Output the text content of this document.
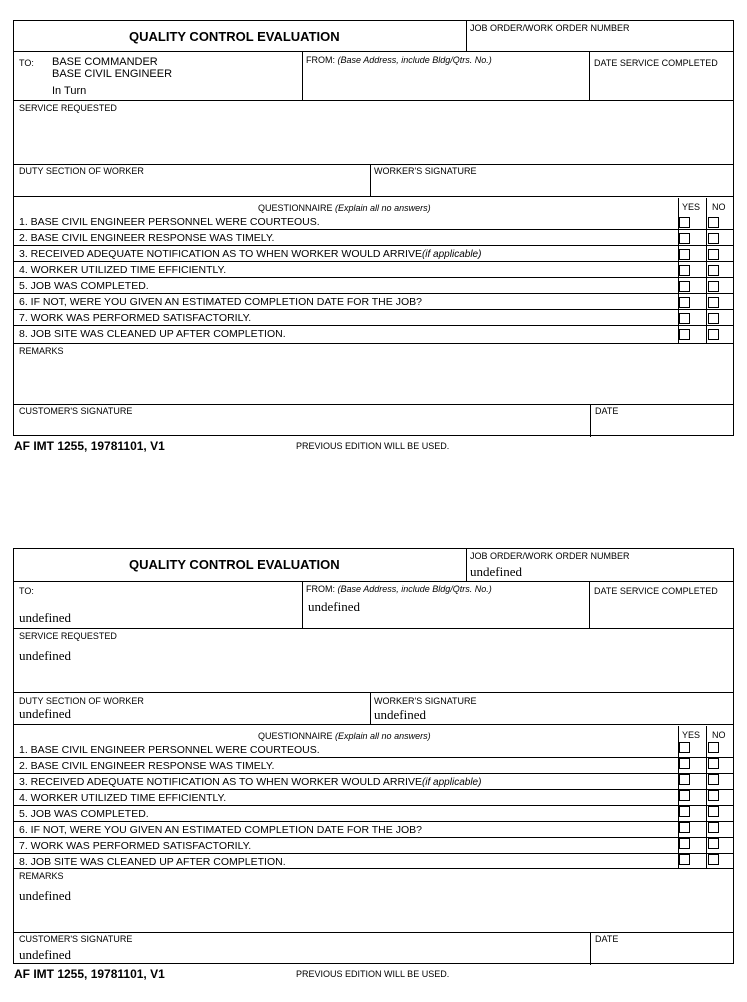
QUALITY CONTROL EVALUATION
JOB ORDER/WORK ORDER NUMBER
TO: BASE COMMANDER
BASE CIVIL ENGINEER
In Turn
FROM: (Base Address, include Bldg/Qtrs. No.)	DATE SERVICE COMPLETED
SERVICE REQUESTED
DUTY SECTION OF WORKER	WORKER'S SIGNATURE
QUESTIONNAIRE (Explain all no answers)	YES NO
1. BASE CIVIL ENGINEER PERSONNEL WERE COURTEOUS.
2. BASE CIVIL ENGINEER RESPONSE WAS TIMELY.
3. RECEIVED ADEQUATE NOTIFICATION AS TO WHEN WORKER WOULD ARRIVE(if applicable)
4. WORKER UTILIZED TIME EFFICIENTLY.
5. JOB WAS COMPLETED.
6. IF NOT, WERE YOU GIVEN AN ESTIMATED COMPLETION DATE FOR THE JOB?
7. WORK WAS PERFORMED SATISFACTORILY.
8. JOB SITE WAS CLEANED UP AFTER COMPLETION.
REMARKS
CUSTOMER'S SIGNATURE	DATE
AF IMT 1255, 19781101, V1	PREVIOUS EDITION WILL BE USED.
QUALITY CONTROL EVALUATION
JOB ORDER/WORK ORDER NUMBER
undefined
TO:
undefined
FROM: (Base Address, include Bldg/Qtrs. No.)
undefined
DATE SERVICE COMPLETED
SERVICE REQUESTED
undefined
DUTY SECTION OF WORKER
undefined
WORKER'S SIGNATURE
undefined
QUESTIONNAIRE (Explain all no answers)	YES NO
1. BASE CIVIL ENGINEER PERSONNEL WERE COURTEOUS.
2. BASE CIVIL ENGINEER RESPONSE WAS TIMELY.
3. RECEIVED ADEQUATE NOTIFICATION AS TO WHEN WORKER WOULD ARRIVE(if applicable)
4. WORKER UTILIZED TIME EFFICIENTLY.
5. JOB WAS COMPLETED.
6. IF NOT, WERE YOU GIVEN AN ESTIMATED COMPLETION DATE FOR THE JOB?
7. WORK WAS PERFORMED SATISFACTORILY.
8. JOB SITE WAS CLEANED UP AFTER COMPLETION.
REMARKS
undefined
CUSTOMER'S SIGNATURE
undefined
DATE
AF IMT 1255, 19781101, V1	PREVIOUS EDITION WILL BE USED.
